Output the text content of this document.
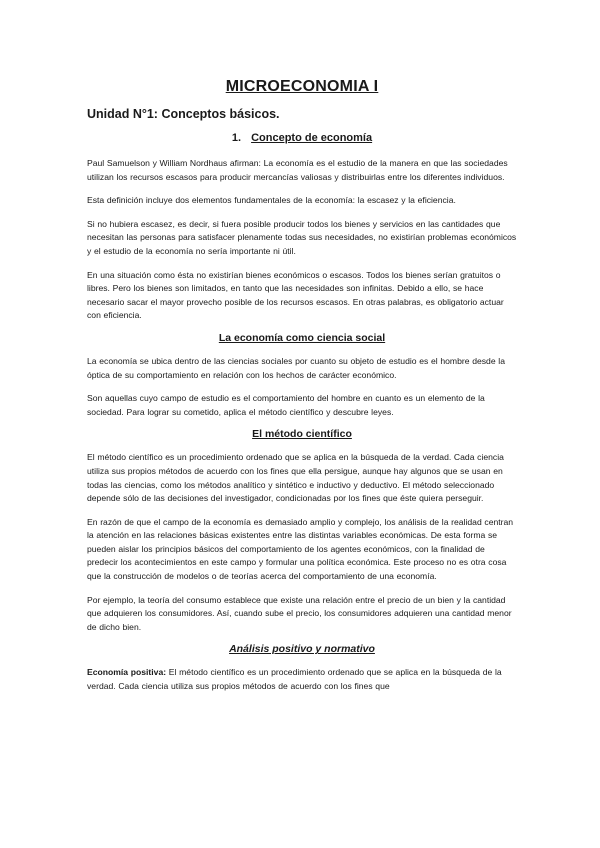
MICROECONOMIA I
Unidad N°1: Conceptos básicos.
1. Concepto de economía

Paul Samuelson y William Nordhaus afirman: La economía es el estudio de la manera en que las sociedades utilizan los recursos escasos para producir mercancías valiosas y distribuirlas entre los diferentes individuos.

Esta definición incluye dos elementos fundamentales de la economía: la escasez y la eficiencia.

Si no hubiera escasez, es decir, si fuera posible producir todos los bienes y servicios en las cantidades que necesitan las personas para satisfacer plenamente todas sus necesidades, no existirían problemas económicos y el estudio de la economía no sería importante ni útil.

En una situación como ésta no existirían bienes económicos o escasos. Todos los bienes serían gratuitos o libres. Pero los bienes son limitados, en tanto que las necesidades son infinitas. Debido a ello, se hace necesario sacar el mayor provecho posible de los recursos escasos. En otras palabras, es obligatorio actuar con eficiencia.

La economía como ciencia social

La economía se ubica dentro de las ciencias sociales por cuanto su objeto de estudio es el hombre desde la óptica de su comportamiento en relación con los hechos de carácter económico.

Son aquellas cuyo campo de estudio es el comportamiento del hombre en cuanto es un elemento de la sociedad. Para lograr su cometido, aplica el método científico y descubre leyes.

El método científico

El método científico es un procedimiento ordenado que se aplica en la búsqueda de la verdad. Cada ciencia utiliza sus propios métodos de acuerdo con los fines que ella persigue, aunque hay algunos que se usan en todas las ciencias, como los métodos analítico y sintético e inductivo y deductivo. El método seleccionado depende sólo de las decisiones del investigador, condicionadas por los fines que éste quiera perseguir.

En razón de que el campo de la economía es demasiado amplio y complejo, los análisis de la realidad centran la atención en las relaciones básicas existentes entre las distintas variables económicas. De esta forma se pueden aislar los principios básicos del comportamiento de los agentes económicos, con la finalidad de predecir los acontecimientos en este campo y formular una política económica. Este proceso no es otra cosa que la construcción de modelos o de teorías acerca del comportamiento de una economía.

Por ejemplo, la teoría del consumo establece que existe una relación entre el precio de un bien y la cantidad que adquieren los consumidores. Así, cuando sube el precio, los consumidores adquieren una cantidad menor de dicho bien.

Análisis positivo y normativo

Economía positiva: El método científico es un procedimiento ordenado que se aplica en la búsqueda de la verdad. Cada ciencia utiliza sus propios métodos de acuerdo con los fines que
